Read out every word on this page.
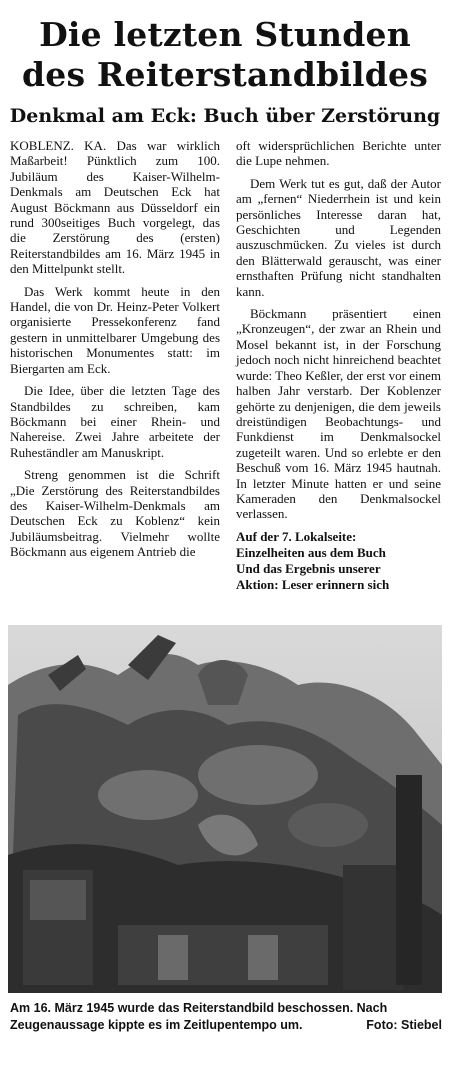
Die letzten Stunden
des Reiterstandbildes
Denkmal am Eck: Buch über Zerstörung

KOBLENZ. KA. Das war wirklich Maßarbeit! Pünktlich zum 100. Jubiläum des Kaiser-Wilhelm-Denkmals am Deutschen Eck hat August Böckmann aus Düsseldorf ein rund 300seitiges Buch vorgelegt, das die Zerstörung des (ersten) Reiterstandbildes am 16. März 1945 in den Mittelpunkt stellt.

Das Werk kommt heute in den Handel, die von Dr. Heinz-Peter Volkert organisierte Pressekonferenz fand gestern in unmittelbarer Umgebung des historischen Monumentes statt: im Biergarten am Eck.

Die Idee, über die letzten Tage des Standbildes zu schreiben, kam Böckmann bei einer Rhein- und Nahereise. Zwei Jahre arbeitete der Ruheständler am Manuskript.

Streng genommen ist die Schrift „Die Zerstörung des Reiterstandbildes des Kaiser-Wilhelm-Denkmals am Deutschen Eck zu Koblenz“ kein Jubiläumsbeitrag. Vielmehr wollte Böckmann aus eigenem Antrieb die

oft widersprüchlichen Berichte unter die Lupe nehmen.

Dem Werk tut es gut, daß der Autor am „fernen“ Niederrhein ist und kein persönliches Interesse daran hat, Geschichten und Legenden auszuschmücken. Zu vieles ist durch den Blätterwald gerauscht, was einer ernsthaften Prüfung nicht standhalten kann.

Böckmann präsentiert einen „Kronzeugen“, der zwar an Rhein und Mosel bekannt ist, in der Forschung jedoch noch nicht hinreichend beachtet wurde: Theo Keßler, der erst vor einem halben Jahr verstarb. Der Koblenzer gehörte zu denjenigen, die dem jeweils dreistündigen Beobachtungs- und Funkdienst im Denkmalsockel zugeteilt waren. Und so erlebte er den Beschuß vom 16. März 1945 hautnah. In letzter Minute hatten er und seine Kameraden den Denkmalsockel verlassen.

Auf der 7. Lokalseite:
Einzelheiten aus dem Buch
Und das Ergebnis unserer
Aktion: Leser erinnern sich
Am 16. März 1945 wurde das Reiterstandbild beschossen. Nach Zeugenaussage kippte es im Zeitlupentempo um.	Foto: Stiebel
